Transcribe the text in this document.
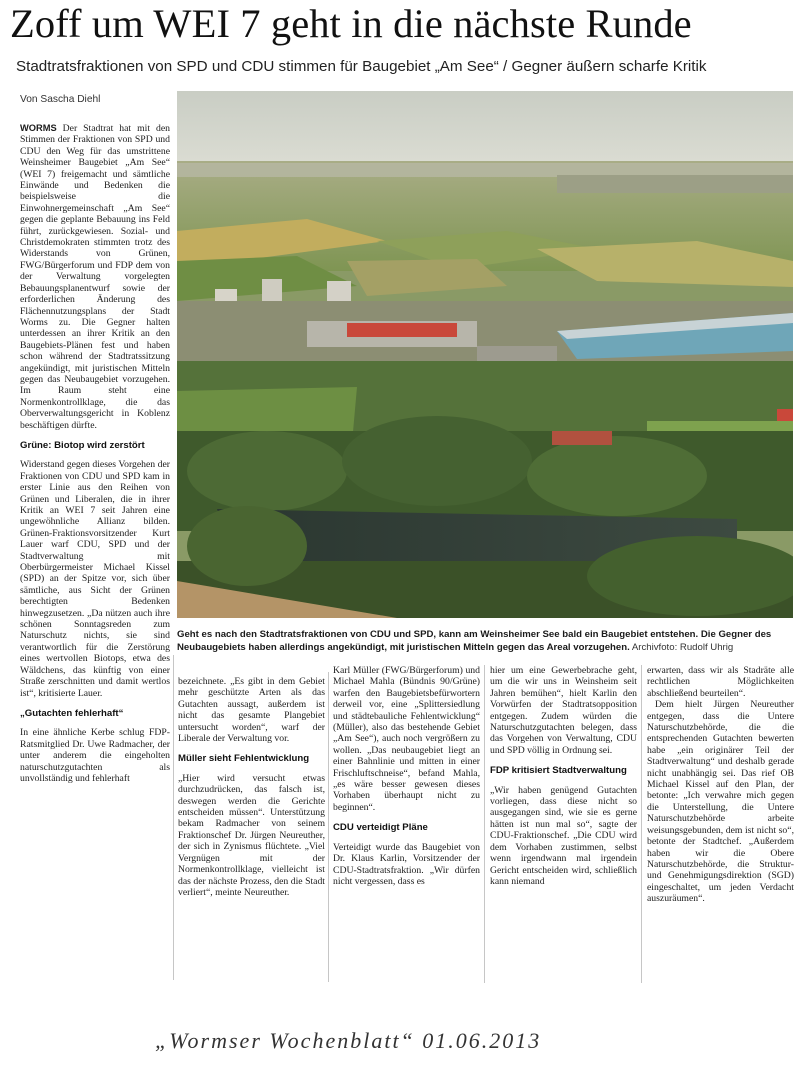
Zoff um WEI 7 geht in die nächste Runde
Stadtratsfraktionen von SPD und CDU stimmen für Baugebiet „Am See“ / Gegner äußern scharfe Kritik
Von Sascha Diehl
Geht es nach den Stadtratsfraktionen von CDU und SPD, kann am Weinsheimer See bald ein Baugebiet entstehen. Die Gegner des Neubaugebiets haben allerdings angekündigt, mit juristischen Mitteln gegen das Areal vorzugehen. Archivfoto: Rudolf Uhrig

WORMS Der Stadtrat hat mit den Stimmen der Fraktionen von SPD und CDU den Weg für das umstrittene Weinsheimer Baugebiet „Am See“ (WEI 7) freigemacht und sämtliche Einwände und Bedenken die beispielsweise die Einwohnergemeinschaft „Am See“ gegen die geplante Bebauung ins Feld führt, zurückgewiesen. Sozial- und Christdemokraten stimmten trotz des Widerstands von Grünen, FWG/Bürgerforum und FDP dem von der Verwaltung vorgelegten Bebauungsplanentwurf sowie der erforderlichen Änderung des Flächennutzungsplans der Stadt Worms zu. Die Gegner halten unterdessen an ihrer Kritik an den Baugebiets-Plänen fest und haben schon während der Stadtratssitzung angekündigt, mit juristischen Mitteln gegen das Neubaugebiet vorzugehen. Im Raum steht eine Normenkontrollklage, die das Oberverwaltungsgericht in Koblenz beschäftigen dürfte.

Grüne: Biotop wird zerstört

Widerstand gegen dieses Vorgehen der Fraktionen von CDU und SPD kam in erster Linie aus den Reihen von Grünen und Liberalen, die in ihrer Kritik an WEI 7 seit Jahren eine ungewöhnliche Allianz bilden. Grünen-Fraktionsvorsitzender Kurt Lauer warf CDU, SPD und der Stadtverwaltung mit Oberbürgermeister Michael Kissel (SPD) an der Spitze vor, sich über sämtliche, aus Sicht der Grünen berechtigten Bedenken hinwegzusetzen. „Da nützen auch ihre schönen Sonntagsreden zum Naturschutz nichts, sie sind verantwortlich für die Zerstörung eines wertvollen Biotops, etwa des Wäldchens, das künftig von einer Straße zerschnitten und damit wertlos ist“, kritisierte Lauer.

„Gutachten fehlerhaft“

In eine ähnliche Kerbe schlug FDP-Ratsmitglied Dr. Uwe Radmacher, der unter anderem die eingeholten naturschutzgutachten als unvollständig und fehlerhaft

bezeichnete. „Es gibt in dem Gebiet mehr geschützte Arten als das Gutachten aussagt, außerdem ist nicht das gesamte Plangebiet untersucht worden“, warf der Liberale der Verwaltung vor.

Müller sieht Fehlentwicklung

„Hier wird versucht etwas durchzudrücken, das falsch ist, deswegen werden die Gerichte entscheiden müssen“. Unterstützung bekam Radmacher von seinem Fraktionschef Dr. Jürgen Neureuther, der sich in Zynismus flüchtete. „Viel Vergnügen mit der Normenkontrollklage, vielleicht ist das der nächste Prozess, den die Stadt verliert“, meinte Neureuther.

Karl Müller (FWG/Bürgerforum) und Michael Mahla (Bündnis 90/Grüne) warfen den Baugebietsbefürwortern derweil vor, eine „Splittersiedlung und städtebauliche Fehlentwicklung“ (Müller), also das bestehende Gebiet „Am See“), auch noch vergrößern zu wollen. „Das neubaugebiet liegt an einer Bahnlinie und mitten in einer Frischluftschneise“, befand Mahla, „es wäre besser gewesen dieses Vorhaben überhaupt nicht zu beginnen“.

CDU verteidigt Pläne

Verteidigt wurde das Baugebiet von Dr. Klaus Karlin, Vorsitzender der CDU-Stadtratsfraktion. „Wir dürfen nicht vergessen, dass es

hier um eine Gewerbebrache geht, um die wir uns in Weinsheim seit Jahren bemühen“, hielt Karlin den Vorwürfen der Stadtratsopposition entgegen. Zudem würden die Naturschutzgutachten belegen, dass das Vorgehen von Verwaltung, CDU und SPD völlig in Ordnung sei.

FDP kritisiert Stadtverwaltung

„Wir haben genügend Gutachten vorliegen, dass diese nicht so ausgegangen sind, wie sie es gerne hätten ist nun mal so“, sagte der CDU-Fraktionschef. „Die CDU wird dem Vorhaben zustimmen, selbst wenn irgendwann mal irgendein Gericht entscheiden wird, schließlich kann niemand

erwarten, dass wir als Stadräte alle rechtlichen Möglichkeiten abschließend beurteilen“.

Dem hielt Jürgen Neureuther entgegen, dass die Untere Naturschutzbehörde, die die entsprechenden Gutachten bewerten habe „ein originärer Teil der Stadtverwaltung“ und deshalb gerade nicht unabhängig sei. Das rief OB Michael Kissel auf den Plan, der betonte: „Ich verwahre mich gegen die Unterstellung, die Untere Naturschutzbehörde arbeite weisungsgebunden, dem ist nicht so“, betonte der Stadtchef. „Außerdem haben wir die Obere Naturschutzbehörde, die Struktur- und Genehmigungsdirektion (SGD) eingeschaltet, um jeden Verdacht auszuräumen“.

„Wormser Wochenblatt“ 01.06.2013
